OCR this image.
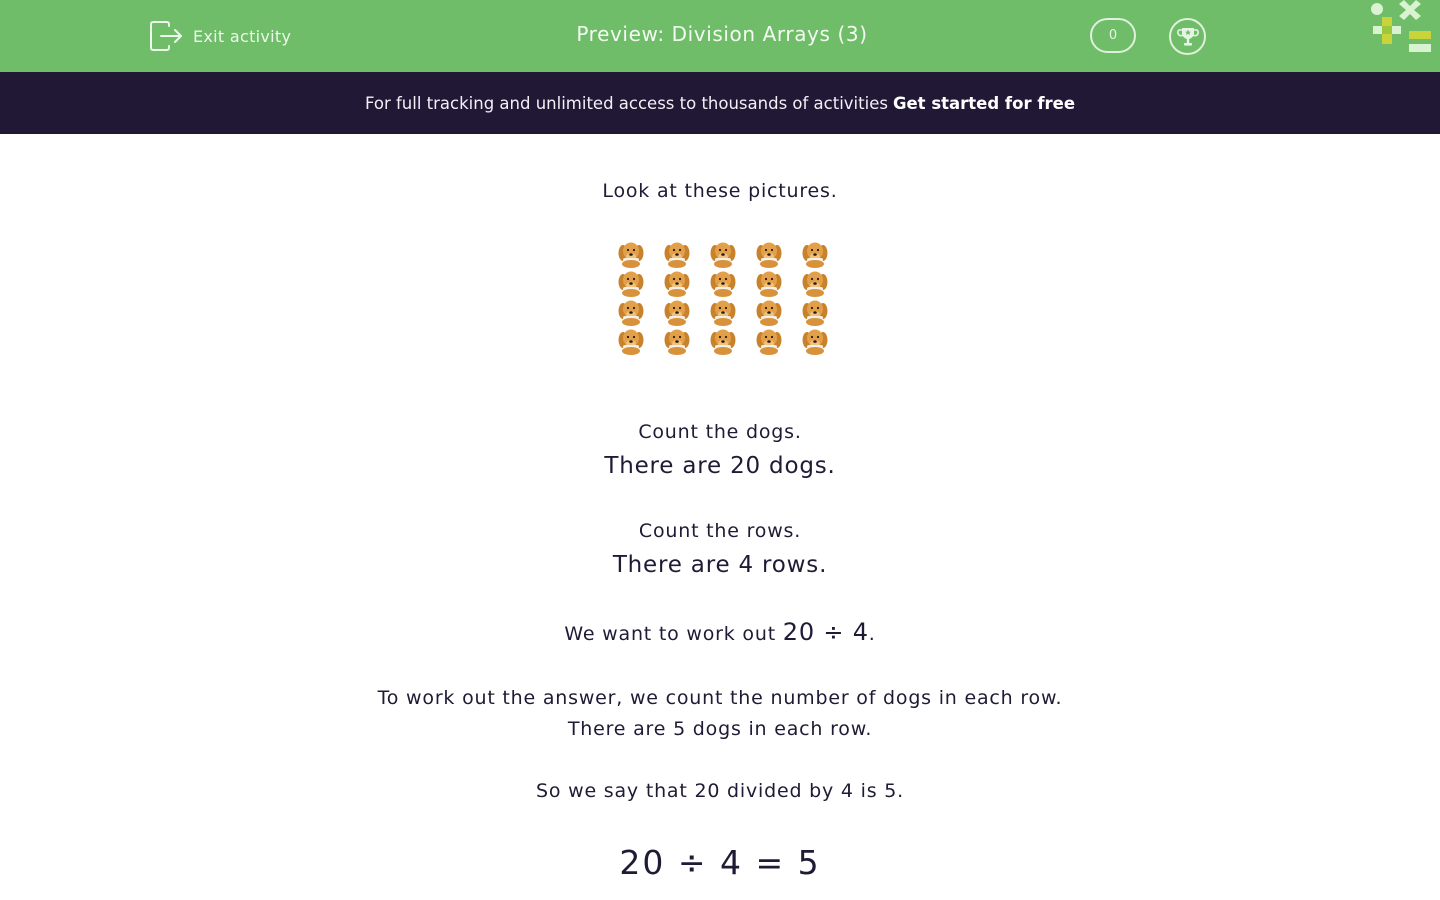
Exit activity	Preview: Division Arrays (3)	0
For full tracking and unlimited access to thousands of activities Get started for free
Look at these pictures.
Count the dogs.
There are 20 dogs.
Count the rows.
There are 4 rows.
We want to work out 20 ÷ 4.
To work out the answer, we count the number of dogs in each row.
There are 5 dogs in each row.
So we say that 20 divided by 4 is 5.
20 ÷ 4 = 5
